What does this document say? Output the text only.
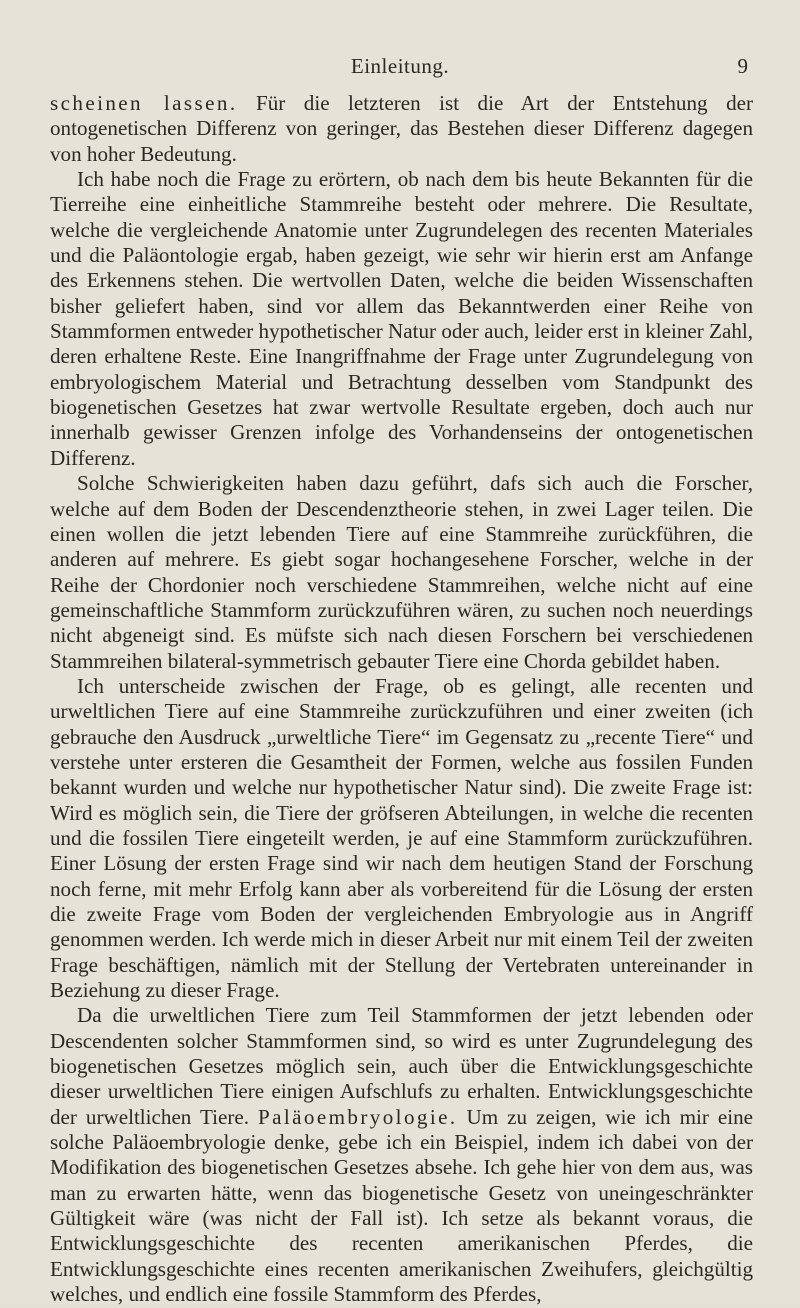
Einleitung.	9

scheinen lassen. Für die letzteren ist die Art der Entstehung der ontogenetischen Differenz von geringer, das Bestehen dieser Differenz dagegen von hoher Bedeutung.

Ich habe noch die Frage zu erörtern, ob nach dem bis heute Bekannten für die Tierreihe eine einheitliche Stammreihe besteht oder mehrere. Die Resultate, welche die vergleichende Anatomie unter Zugrundelegen des recenten Materiales und die Paläontologie ergab, haben gezeigt, wie sehr wir hierin erst am Anfange des Erkennens stehen. Die wertvollen Daten, welche die beiden Wissenschaften bisher geliefert haben, sind vor allem das Bekanntwerden einer Reihe von Stammformen entweder hypothetischer Natur oder auch, leider erst in kleiner Zahl, deren erhaltene Reste. Eine Inangriffnahme der Frage unter Zugrundelegung von embryologischem Material und Betrachtung desselben vom Standpunkt des biogenetischen Gesetzes hat zwar wertvolle Resultate ergeben, doch auch nur innerhalb gewisser Grenzen infolge des Vorhandenseins der ontogenetischen Differenz.

Solche Schwierigkeiten haben dazu geführt, dafs sich auch die Forscher, welche auf dem Boden der Descendenztheorie stehen, in zwei Lager teilen. Die einen wollen die jetzt lebenden Tiere auf eine Stammreihe zurückführen, die anderen auf mehrere. Es giebt sogar hochangesehene Forscher, welche in der Reihe der Chordonier noch verschiedene Stammreihen, welche nicht auf eine gemeinschaftliche Stammform zurückzuführen wären, zu suchen noch neuerdings nicht abgeneigt sind. Es müfste sich nach diesen Forschern bei verschiedenen Stammreihen bilateral-symmetrisch gebauter Tiere eine Chorda gebildet haben.

Ich unterscheide zwischen der Frage, ob es gelingt, alle recenten und urweltlichen Tiere auf eine Stammreihe zurückzuführen und einer zweiten (ich gebrauche den Ausdruck „urweltliche Tiere“ im Gegensatz zu „recente Tiere“ und verstehe unter ersteren die Gesamtheit der Formen, welche aus fossilen Funden bekannt wurden und welche nur hypothetischer Natur sind). Die zweite Frage ist: Wird es möglich sein, die Tiere der gröfseren Abteilungen, in welche die recenten und die fossilen Tiere eingeteilt werden, je auf eine Stammform zurückzuführen. Einer Lösung der ersten Frage sind wir nach dem heutigen Stand der Forschung noch ferne, mit mehr Erfolg kann aber als vorbereitend für die Lösung der ersten die zweite Frage vom Boden der vergleichenden Embryologie aus in Angriff genommen werden. Ich werde mich in dieser Arbeit nur mit einem Teil der zweiten Frage beschäftigen, nämlich mit der Stellung der Vertebraten untereinander in Beziehung zu dieser Frage.

Da die urweltlichen Tiere zum Teil Stammformen der jetzt lebenden oder Descendenten solcher Stammformen sind, so wird es unter Zugrundelegung des biogenetischen Gesetzes möglich sein, auch über die Entwicklungsgeschichte dieser urweltlichen Tiere einigen Aufschlufs zu erhalten. Entwicklungsgeschichte der urweltlichen Tiere. Paläoembryologie. Um zu zeigen, wie ich mir eine solche Paläoembryologie denke, gebe ich ein Beispiel, indem ich dabei von der Modifikation des biogenetischen Gesetzes absehe. Ich gehe hier von dem aus, was man zu erwarten hätte, wenn das biogenetische Gesetz von uneingeschränkter Gültigkeit wäre (was nicht der Fall ist). Ich setze als bekannt voraus, die Entwicklungsgeschichte des recenten amerikanischen Pferdes, die Entwicklungsgeschichte eines recenten amerikanischen Zweihufers, gleichgültig welches, und endlich eine fossile Stammform des Pferdes,
